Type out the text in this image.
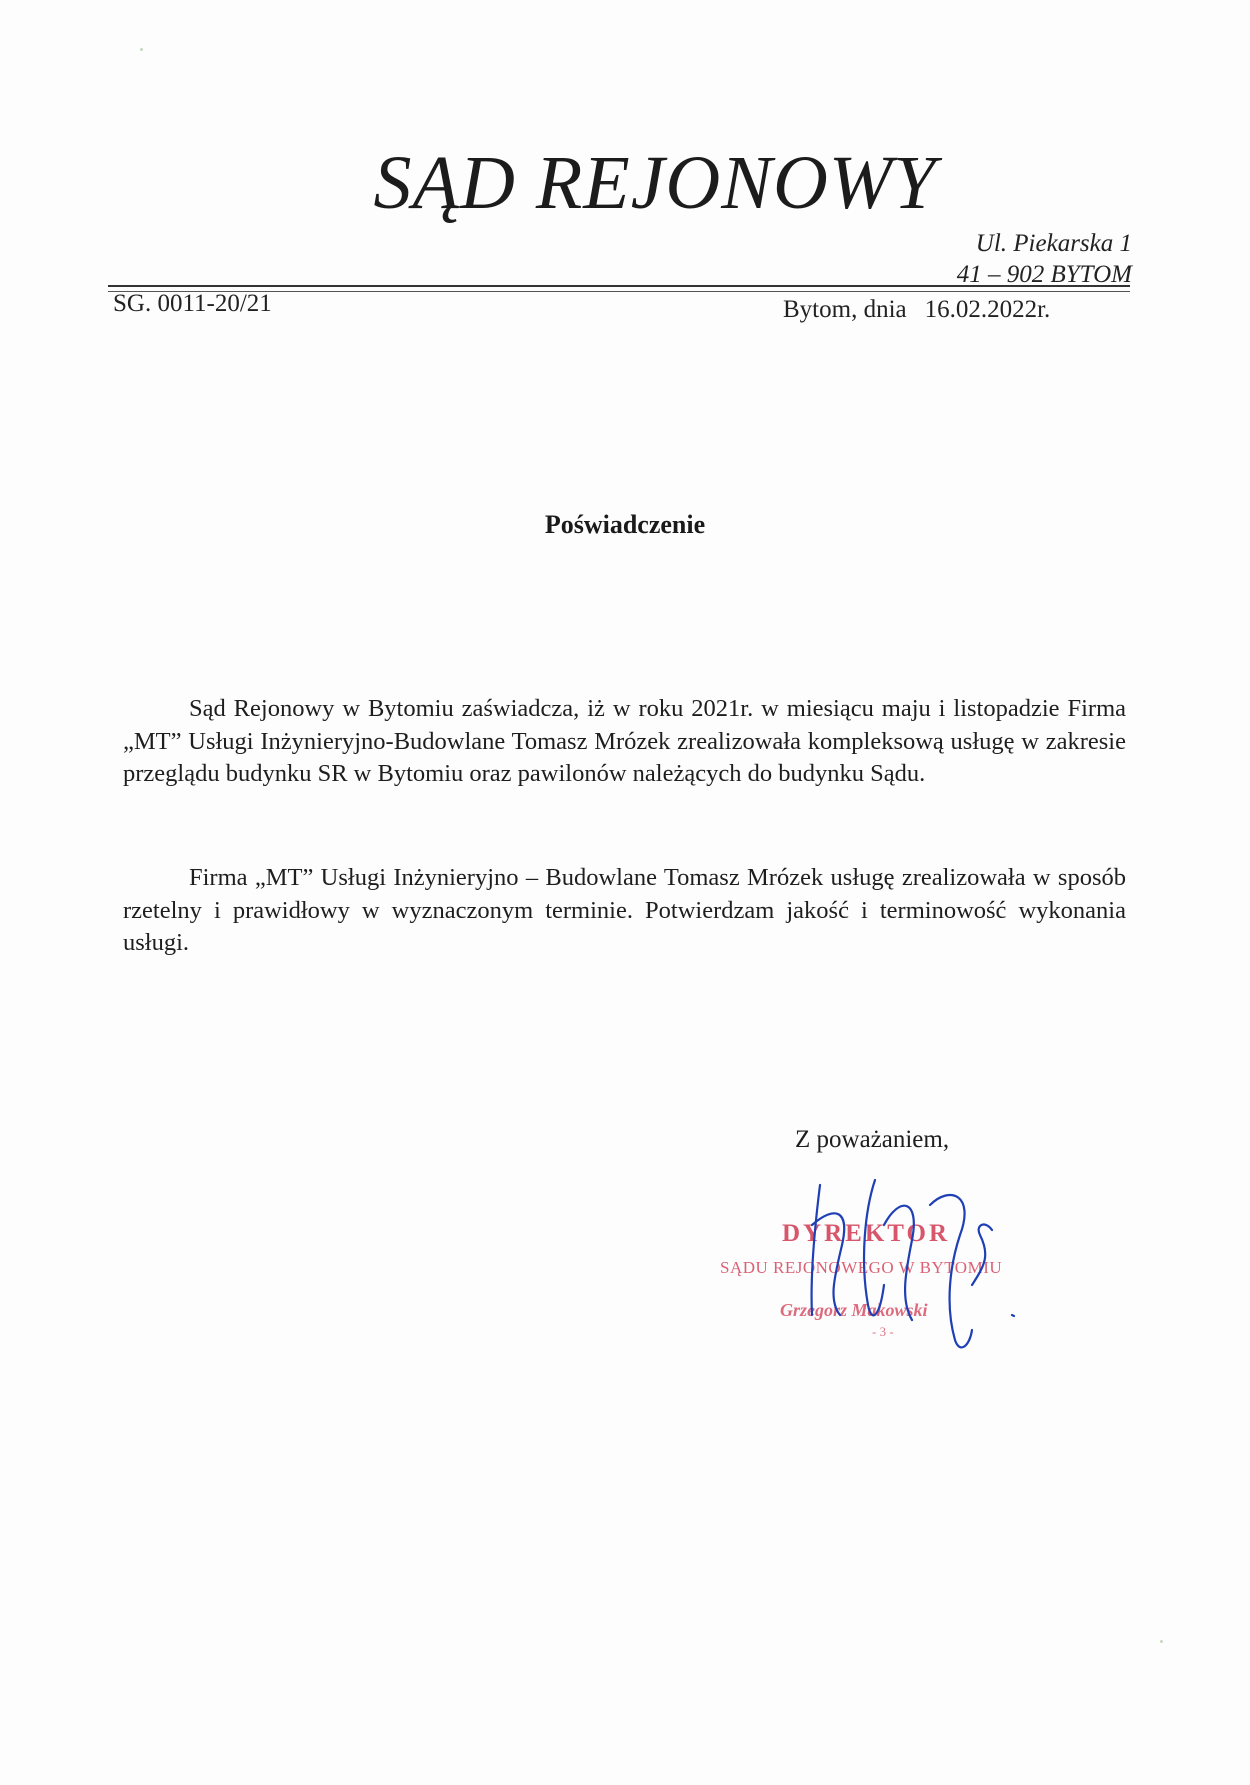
SĄD REJONOWY
Ul. Piekarska 1
41 – 902 BYTOM
SG. 0011-20/21	Bytom, dnia 16.02.2022r.
Poświadczenie

Sąd Rejonowy w Bytomiu zaświadcza, iż w roku 2021r. w miesiącu maju i listopadzie Firma „MT” Usługi Inżynieryjno-Budowlane Tomasz Mrózek zrealizowała kompleksową usługę w zakresie przeglądu budynku SR w Bytomiu oraz pawilonów należących do budynku Sądu.

Firma „MT” Usługi Inżynieryjno – Budowlane Tomasz Mrózek usługę zrealizowała w sposób rzetelny i prawidłowy w wyznaczonym terminie. Potwierdzam jakość i terminowość wykonania usługi.

Z poważaniem,
DYREKTOR
SĄDU REJONOWEGO W BYTOMIU
Grzegorz Makowski
- 3 -
